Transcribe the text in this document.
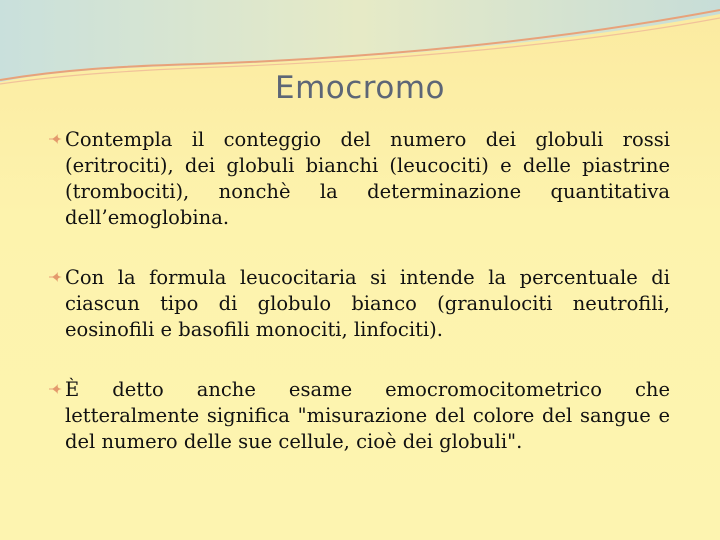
Emocromo

Contempla il conteggio del numero dei globuli rossi (eritrociti), dei globuli bianchi (leucociti) e delle piastrine (trombociti), nonchè la determinazione quantitativa dell’emoglobina.

Con la formula leucocitaria si intende la percentuale di ciascun tipo di globulo bianco (granulociti neutrofili, eosinofili e basofili monociti, linfociti).

È detto anche esame emocromocitometrico che letteralmente significa "misurazione del colore del sangue e del numero delle sue cellule, cioè dei globuli".
